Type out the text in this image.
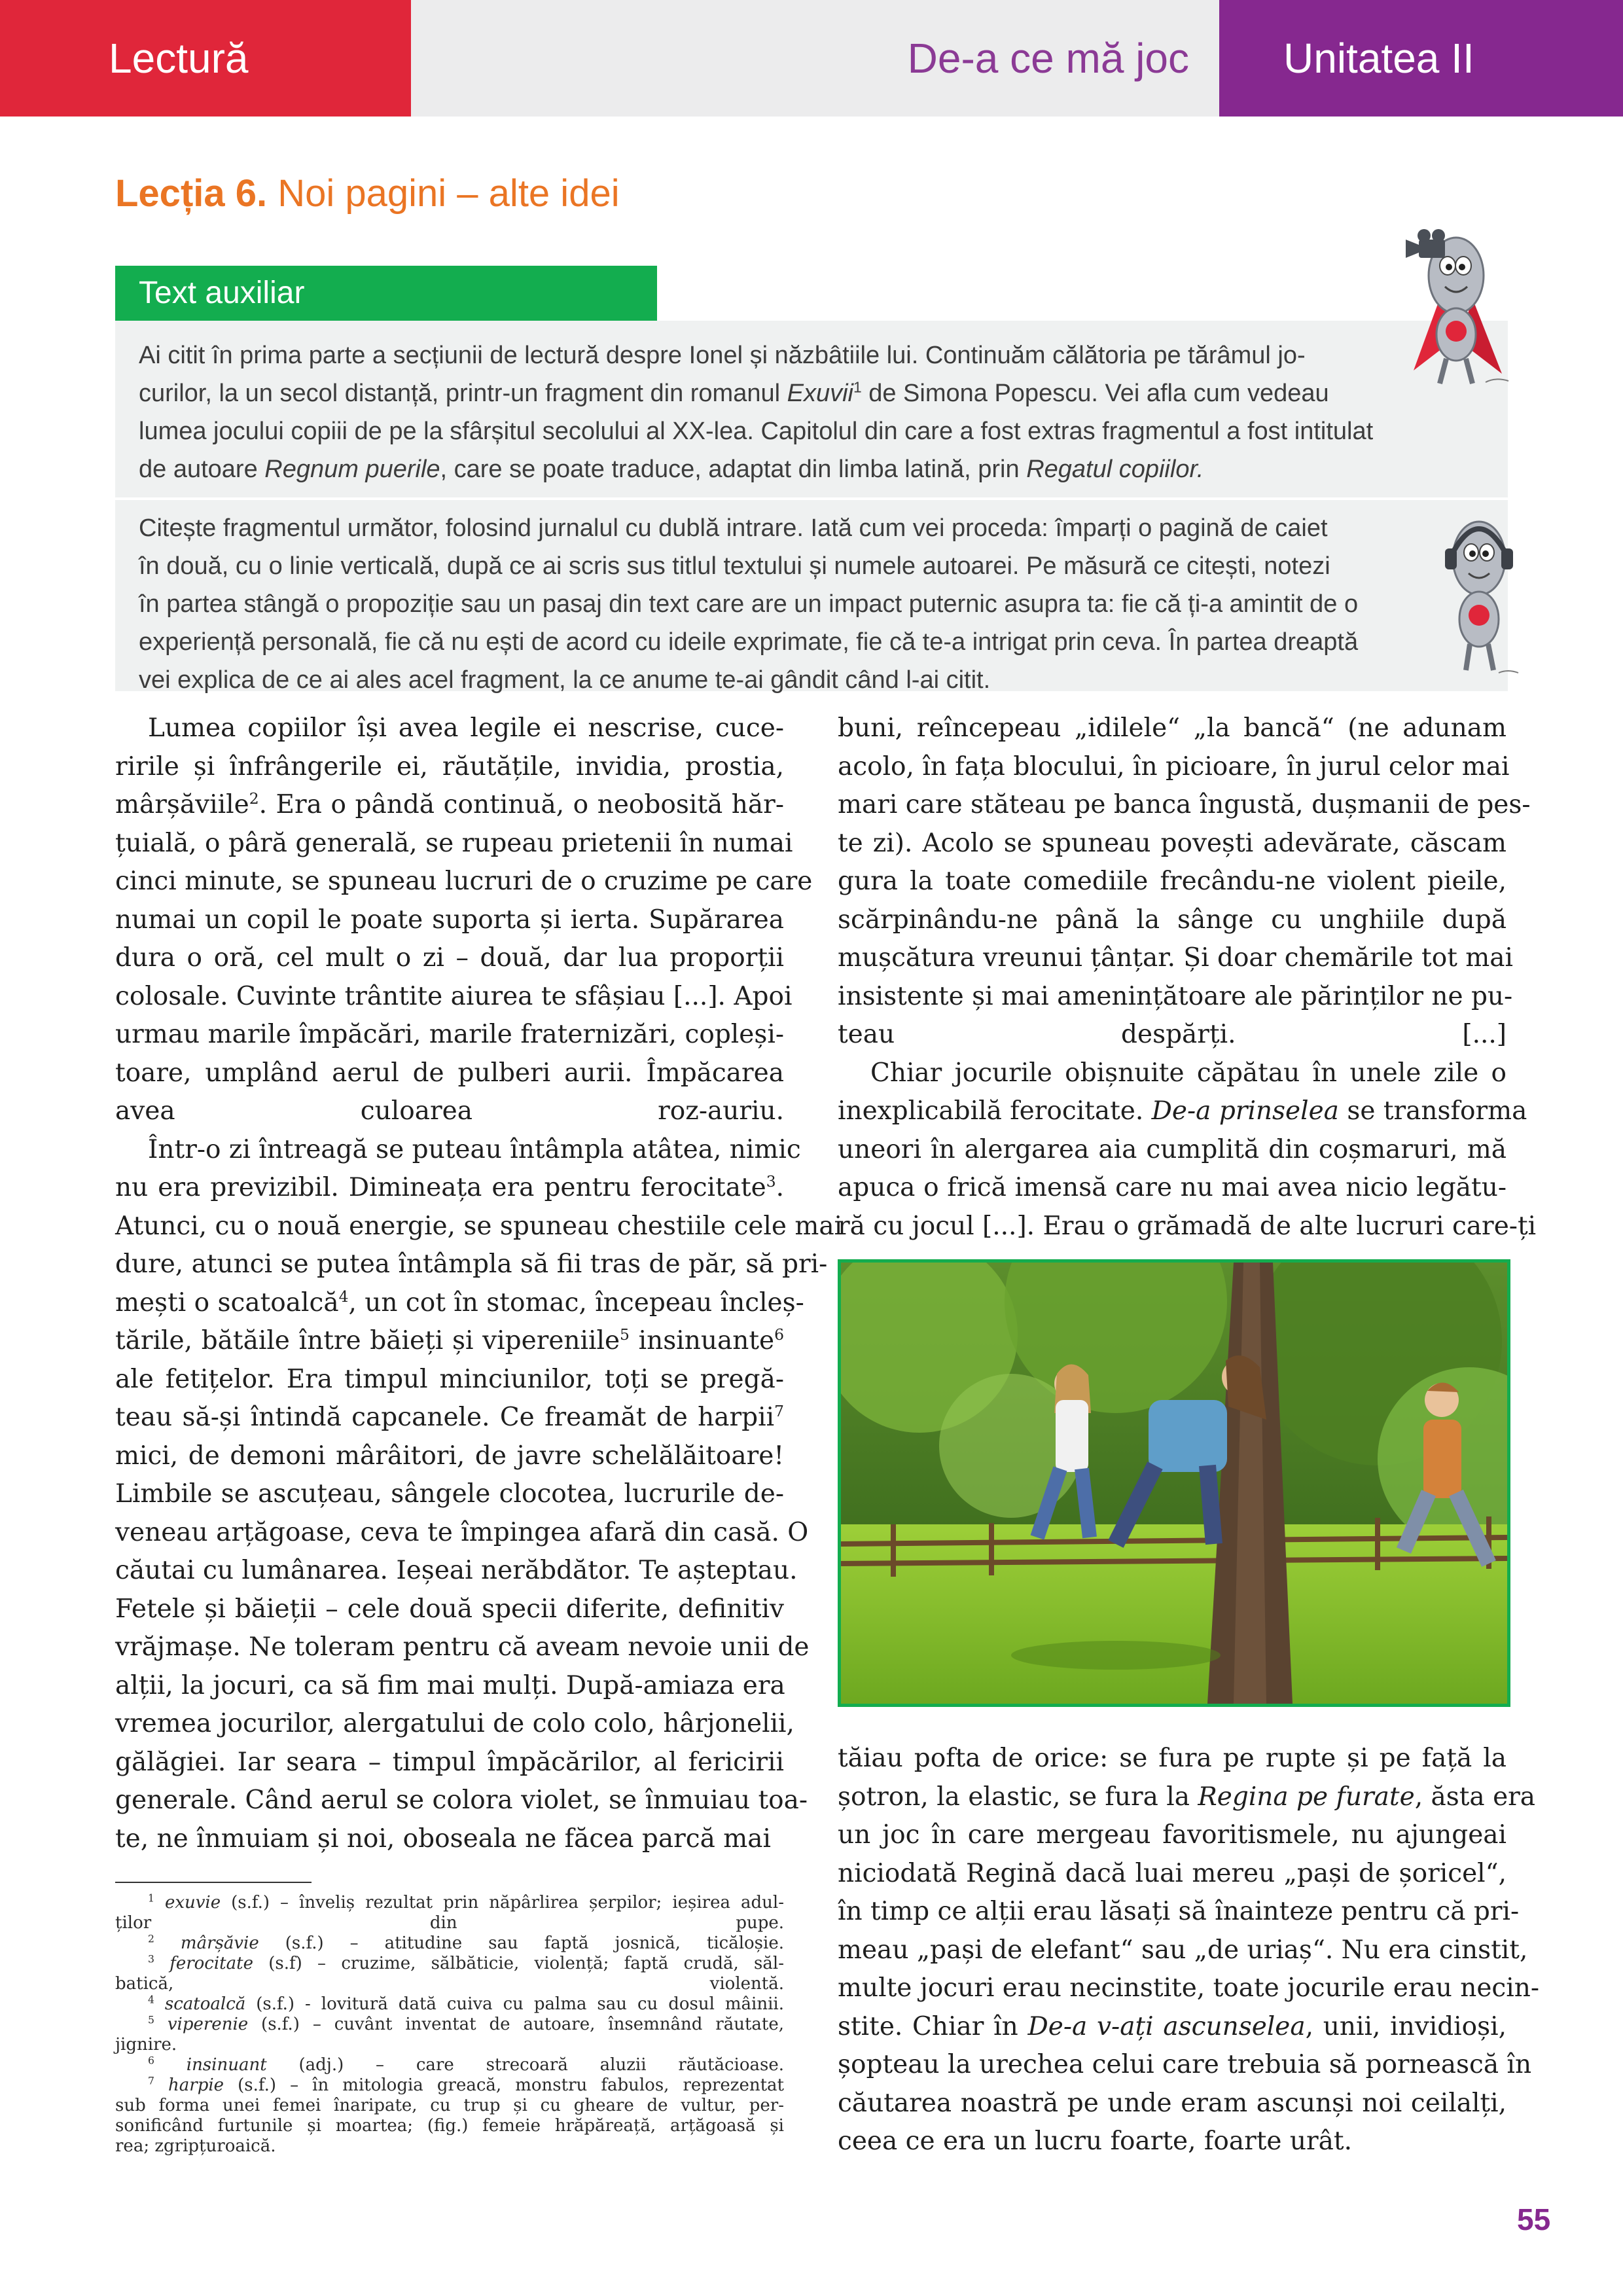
Lectură	De-a ce mă joc Unitatea II
Lecția 6. Noi pagini – alte idei
Text auxiliar
Ai citit în prima parte a secțiunii de lectură despre Ionel și năzbâtiile lui. Continuăm călătoria pe tărâmul jo-
curilor, la un secol distanță, printr-un fragment din romanul Exuvii$^1$ de Simona Popescu. Vei afla cum vedeau
lumea jocului copiii de pe la sfârșitul secolului al XX-lea. Capitolul din care a fost extras fragmentul a fost intitulat
de autoare Regnum puerile, care se poate traduce, adaptat din limba latină, prin Regatul copiilor.
Citește fragmentul următor, folosind jurnalul cu dublă intrare. Iată cum vei proceda: împarți o pagină de caiet
în două, cu o linie verticală, după ce ai scris sus titlul textului și numele autoarei. Pe măsură ce citești, notezi
în partea stângă o propoziție sau un pasaj din text care are un impact puternic asupra ta: fie că ți-a amintit de o
experiență personală, fie că nu ești de acord cu ideile exprimate, fie că te-a intrigat prin ceva. În partea dreaptă
vei explica de ce ai ales acel fragment, la ce anume te-ai gândit când l-ai citit.
Lumea copiilor își avea legile ei nescrise, cuce-
ririle și înfrângerile ei, răutățile, invidia, prostia,
mârșăviile$^2$. Era o pândă continuă, o neobosită hăr-
țuială, o pâră generală, se rupeau prietenii în numai
cinci minute, se spuneau lucruri de o cruzime pe care
numai un copil le poate suporta și ierta. Supărarea
dura o oră, cel mult o zi – două, dar lua proporții
colosale. Cuvinte trântite aiurea te sfâșiau [...]. Apoi
urmau marile împăcări, marile fraternizări, copleși-
toare, umplând aerul de pulberi aurii. Împăcarea
avea culoarea roz-auriu.
Într-o zi întreagă se puteau întâmpla atâtea, nimic
nu era previzibil. Dimineața era pentru ferocitate$^3$.
Atunci, cu o nouă energie, se spuneau chestiile cele mai
dure, atunci se putea întâmpla să fii tras de păr, să pri-
mești o scatoalcă$^4$, un cot în stomac, începeau încleș-
tările, bătăile între băieți și vipereniile$^5$ insinuante$^6$
ale fetițelor. Era timpul minciunilor, toți se pregă-
teau să-și întindă capcanele. Ce freamăt de harpii$^7$
mici, de demoni mârâitori, de javre schelălăitoare!
Limbile se ascuțeau, sângele clocotea, lucrurile de-
veneau arțăgoase, ceva te împingea afară din casă. O
căutai cu lumânarea. Ieșeai nerăbdător. Te așteptau.
Fetele și băieții – cele două specii diferite, definitiv
vrăjmașe. Ne toleram pentru că aveam nevoie unii de
alții, la jocuri, ca să fim mai mulți. După-amiaza era
vremea jocurilor, alergatului de colo colo, hârjonelii,
gălăgiei. Iar seara – timpul împăcărilor, al fericirii
generale. Când aerul se colora violet, se înmuiau toa-
te, ne înmuiam și noi, oboseala ne făcea parcă mai
buni, reîncepeau „idilele“ „la bancă“ (ne adunam
acolo, în fața blocului, în picioare, în jurul celor mai
mari care stăteau pe banca îngustă, dușmanii de pes-
te zi). Acolo se spuneau povești adevărate, căscam
gura la toate comediile frecându-ne violent pieile,
scărpinându-ne până la sânge cu unghiile după
mușcătura vreunui țânțar. Și doar chemările tot mai
insistente și mai amenințătoare ale părinților ne pu-
teau despărți. [...]
Chiar jocurile obișnuite căpătau în unele zile o
inexplicabilă ferocitate. De-a prinselea se transforma
uneori în alergarea aia cumplită din coșmaruri, mă
apuca o frică imensă care nu mai avea nicio legătu-
ră cu jocul [...]. Erau o grămadă de alte lucruri care-ți
tăiau pofta de orice: se fura pe rupte și pe față la
șotron, la elastic, se fura la Regina pe furate, ăsta era
un joc în care mergeau favoritismele, nu ajungeai
niciodată Regină dacă luai mereu „pași de șoricel“,
în timp ce alții erau lăsați să înainteze pentru că pri-
meau „pași de elefant“ sau „de uriaș“. Nu era cinstit,
multe jocuri erau necinstite, toate jocurile erau necin-
stite. Chiar în De-a v-ați ascunselea, unii, invidioși,
șopteau la urechea celui care trebuia să pornească în
căutarea noastră pe unde eram ascunși noi ceilalți,
ceea ce era un lucru foarte, foarte urât.
$^1$ exuvie (s.f.) – înveliș rezultat prin năpârlirea șerpilor; ieșirea adul-
ților din pupe.
$^2$ mârșăvie (s.f.) – atitudine sau faptă josnică, ticăloșie.
$^3$ ferocitate (s.f) – cruzime, sălbăticie, violență; faptă crudă, săl-
batică, violentă.
$^4$ scatoalcă (s.f.) - lovitură dată cuiva cu palma sau cu dosul mâinii.
$^5$ viperenie (s.f.) – cuvânt inventat de autoare, însemnând răutate,
jignire.
$^6$ insinuant (adj.) – care strecoară aluzii răutăcioase.
$^7$ harpie (s.f.) – în mitologia greacă, monstru fabulos, reprezentat
sub forma unei femei înaripate, cu trup și cu gheare de vultur, per-
sonificând furtunile și moartea; (fig.) femeie hrăpăreață, arțăgoasă și
rea; zgripțuroaică.
55
